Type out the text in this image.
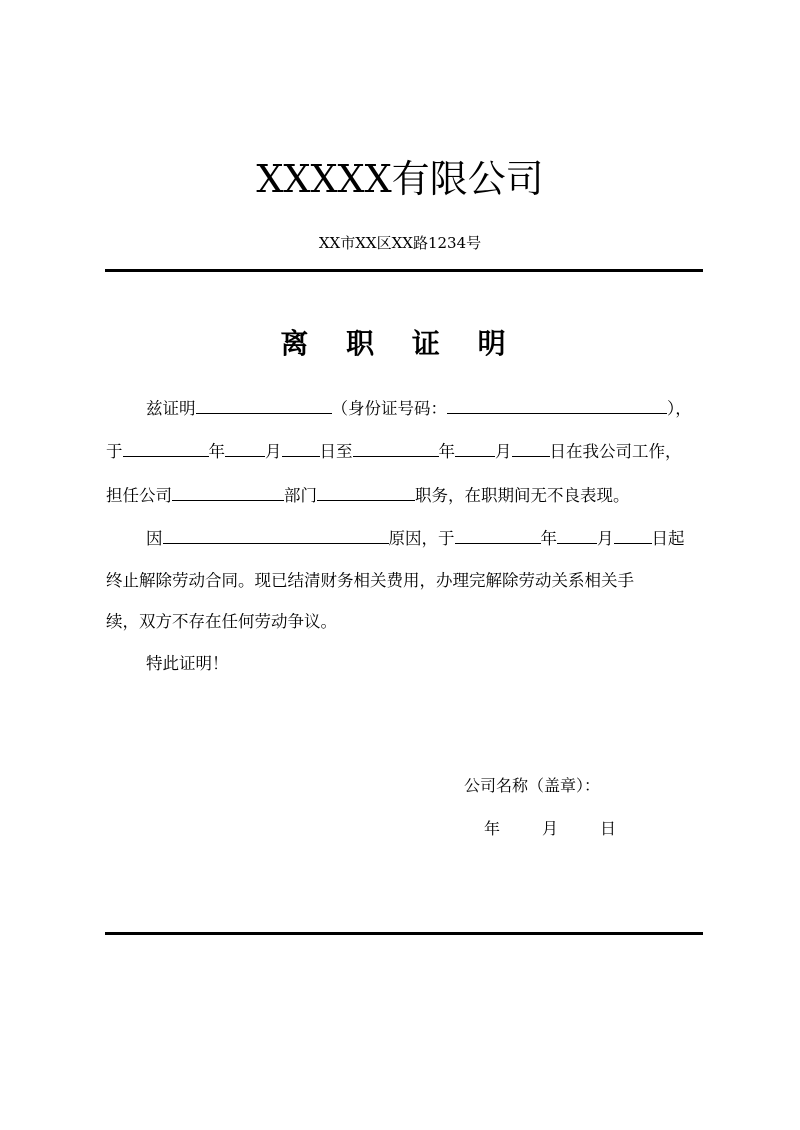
XXXXX有限公司
XX市XX区XX路1234号
离 职 证 明
兹证明	（身份证号码：	），
于	年 月 日至	年 月 日在我公司工作，
担任公司	部门	职务，在职期间无不良表现。
因	原因，于	年 月 日起
终止解除劳动合同。现已结清财务相关费用，办理完解除劳动关系相关手
续，双方不存在任何劳动争议。
特此证明！
公司名称（盖章）：
年	月	日
